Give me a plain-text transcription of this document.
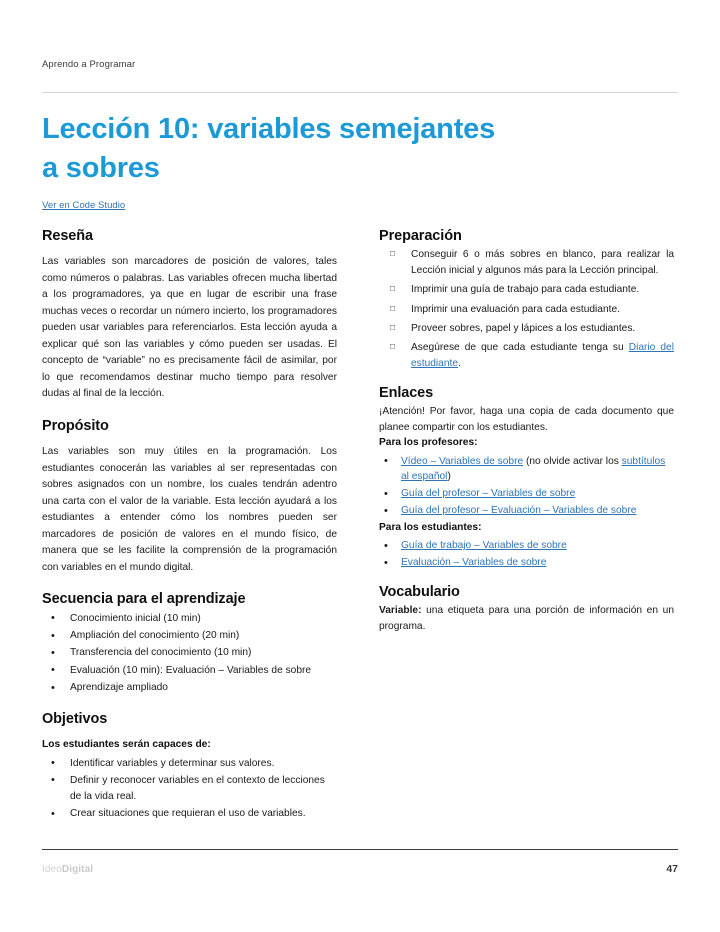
Aprendo a Programar
Lección 10: variables semejantes a sobres
Ver en Code Studio
Reseña

Las variables son marcadores de posición de valores, tales como números o palabras. Las variables ofrecen mucha libertad a los programadores, ya que en lugar de escribir una frase muchas veces o recordar un número incierto, los programadores pueden usar variables para referenciarlos. Esta lección ayuda a explicar qué son las variables y cómo pueden ser usadas. El concepto de “variable” no es precisamente fácil de asimilar, por lo que recomendamos destinar mucho tiempo para resolver dudas al final de la lección.

Propósito

Las variables son muy útiles en la programación. Los estudiantes conocerán las variables al ser representadas con sobres asignados con un nombre, los cuales tendrán adentro una carta con el valor de la variable. Esta lección ayudará a los estudiantes a entender cómo los nombres pueden ser marcadores de posición de valores en el mundo físico, de manera que se les facilite la comprensión de la programación con variables en el mundo digital.

Secuencia para el aprendizaje
• Conocimiento inicial (10 min)
• Ampliación del conocimiento (20 min)
• Transferencia del conocimiento (10 min)
• Evaluación (10 min): Evaluación – Variables de sobre
• Aprendizaje ampliado
Objetivos

Los estudiantes serán capaces de:

• Identificar variables y determinar sus valores.
• Definir y reconocer variables en el contexto de lecciones de la vida real.
• Crear situaciones que requieran el uso de variables.
Preparación
□ Conseguir 6 o más sobres en blanco, para realizar la Lección inicial y algunos más para la Lección principal.
□ Imprimir una guía de trabajo para cada estudiante.
□ Imprimir una evaluación para cada estudiante.
□ Proveer sobres, papel y lápices a los estudiantes.
□ Asegúrese de que cada estudiante tenga su Diario del estudiante.
Enlaces

¡Atención! Por favor, haga una copia de cada documento que planee compartir con los estudiantes.

Para los profesores:

• Vídeo – Variables de sobre (no olvide activar los subtítulos al español)
• Guía del profesor – Variables de sobre
• Guía del profesor – Evaluación – Variables de sobre

Para los estudiantes:

• Guía de trabajo – Variables de sobre
• Evaluación – Variables de sobre
Vocabulario

Variable: una etiqueta para una porción de información en un programa.

IdeoDigital	47
